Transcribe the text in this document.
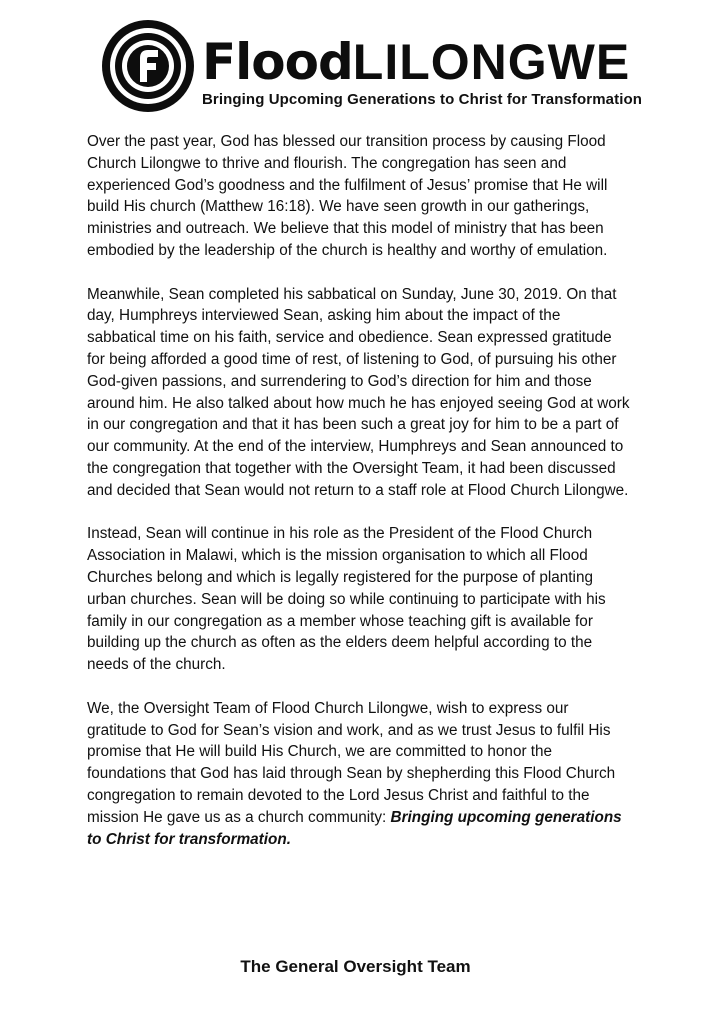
FloodLILONGWE
Bringing Upcoming Generations to Christ for Transformation

Over the past year, God has blessed our transition process by causing Flood Church Lilongwe to thrive and flourish. The congregation has seen and experienced God’s goodness and the fulfilment of Jesus’ promise that He will build His church (Matthew 16:18). We have seen growth in our gatherings, ministries and outreach. We believe that this model of ministry that has been embodied by the leadership of the church is healthy and worthy of emulation.

Meanwhile, Sean completed his sabbatical on Sunday, June 30, 2019. On that day, Humphreys interviewed Sean, asking him about the impact of the sabbatical time on his faith, service and obedience. Sean expressed gratitude for being afforded a good time of rest, of listening to God, of pursuing his other God-given passions, and surrendering to God’s direction for him and those around him. He also talked about how much he has enjoyed seeing God at work in our congregation and that it has been such a great joy for him to be a part of our community. At the end of the interview, Humphreys and Sean announced to the congregation that together with the Oversight Team, it had been discussed and decided that Sean would not return to a staff role at Flood Church Lilongwe.

Instead, Sean will continue in his role as the President of the Flood Church Association in Malawi, which is the mission organisation to which all Flood Churches belong and which is legally registered for the purpose of planting urban churches. Sean will be doing so while continuing to participate with his family in our congregation as a member whose teaching gift is available for building up the church as often as the elders deem helpful according to the needs of the church.

We, the Oversight Team of Flood Church Lilongwe, wish to express our gratitude to God for Sean’s vision and work, and as we trust Jesus to fulfil His promise that He will build His Church, we are committed to honor the foundations that God has laid through Sean by shepherding this Flood Church congregation to remain devoted to the Lord Jesus Christ and faithful to the mission He gave us as a church community: Bringing upcoming generations to Christ for transformation.

The General Oversight Team
